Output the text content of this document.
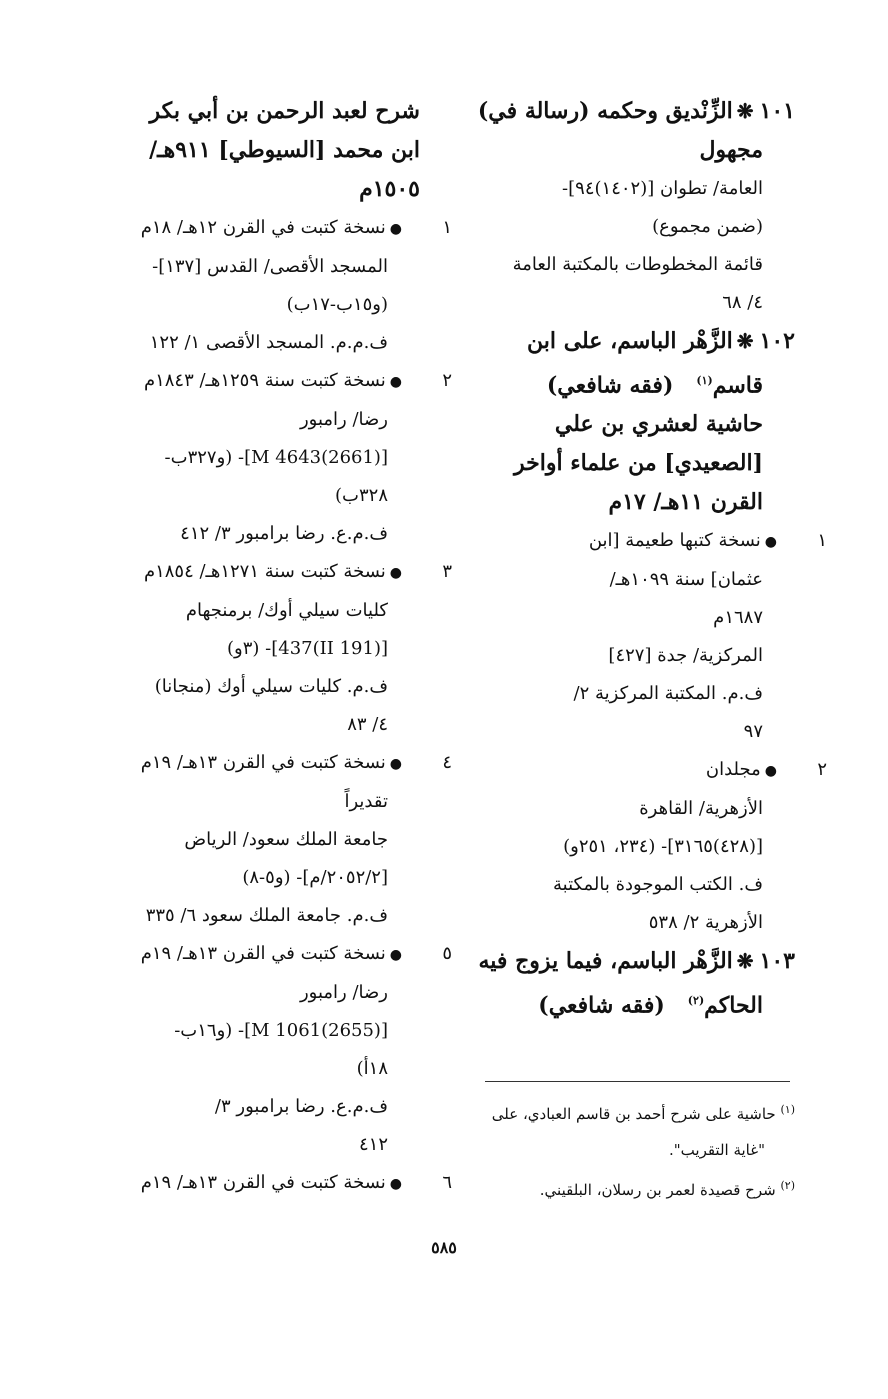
١٠١❋الزِّنْديق وحكمه (رسالة في)
مجهول
العامة/ تطوان [(١٤٠٢)٩٤]-
(ضمن مجموع)
قائمة المخطوطات بالمكتبة العامة
٤/ ٦٨
١٠٢❋الزَّهْر الباسم، على ابن
قاسم$^{(١)}$   (فقه شافعي)
حاشية لعشري بن علي
[الصعيدي] من علماء أواخر
القرن ١١هـ/ ١٧م
١●نسخة كتبها طعيمة [ابن
عثمان] سنة ١٠٩٩هـ/
١٦٨٧م
المركزية/ جدة [٤٢٧]
ف.م. المكتبة المركزية ٢/
٩٧
٢●مجلدان
الأزهرية/ القاهرة
[(٤٢٨)٣١٦٥]- (٢٣٤، ٢٥١و)
ف. الكتب الموجودة بالمكتبة
الأزهرية ٢/ ٥٣٨
١٠٣❋الزَّهْر الباسم، فيما يزوج فيه
الحاكم$^{(٢)}$   (فقه شافعي)
شرح لعبد الرحمن بن أبي بكر
ابن محمد [السيوطي] ٩١١هـ/
١٥٠٥م
١●نسخة كتبت في القرن ١٢هـ/ ١٨م
المسجد الأقصى/ القدس [١٣٧]-
(و١٥ب-١٧ب)
ف.م.م. المسجد الأقصى ١/ ١٢٢
٢●نسخة كتبت سنة ١٢٥٩هـ/ ١٨٤٣م
رضا/ رامبور
[M 4643(2661)]- (و٣٢٧ب-
٣٢٨ب)
ف.م.ع. رضا برامبور ٣/ ٤١٢
٣●نسخة كتبت سنة ١٢٧١هـ/ ١٨٥٤م
كليات سيلي أوك/ برمنجهام
[(II 191)437]- (٣و)
ف.م. كليات سيلي أوك (منجانا)
٤/ ٨٣
٤●نسخة كتبت في القرن ١٣هـ/ ١٩م
تقديراً
جامعة الملك سعود/ الرياض
[٢٠٥٢/٢/م]- (و٥-٨)
ف.م. جامعة الملك سعود ٦/ ٣٣٥
٥●نسخة كتبت في القرن ١٣هـ/ ١٩م
رضا/ رامبور
[M 1061(2655)]- (و١٦ب-
١٨أ)
ف.م.ع. رضا برامبور ٣/
٤١٢
٦●نسخة كتبت في القرن ١٣هـ/ ١٩م
$^{(١)}$ حاشية على شرح أحمد بن قاسم العبادي، على
"غاية التقريب".
$^{(٢)}$ شرح قصيدة لعمر بن رسلان، البلقيني.
٥٨٥
